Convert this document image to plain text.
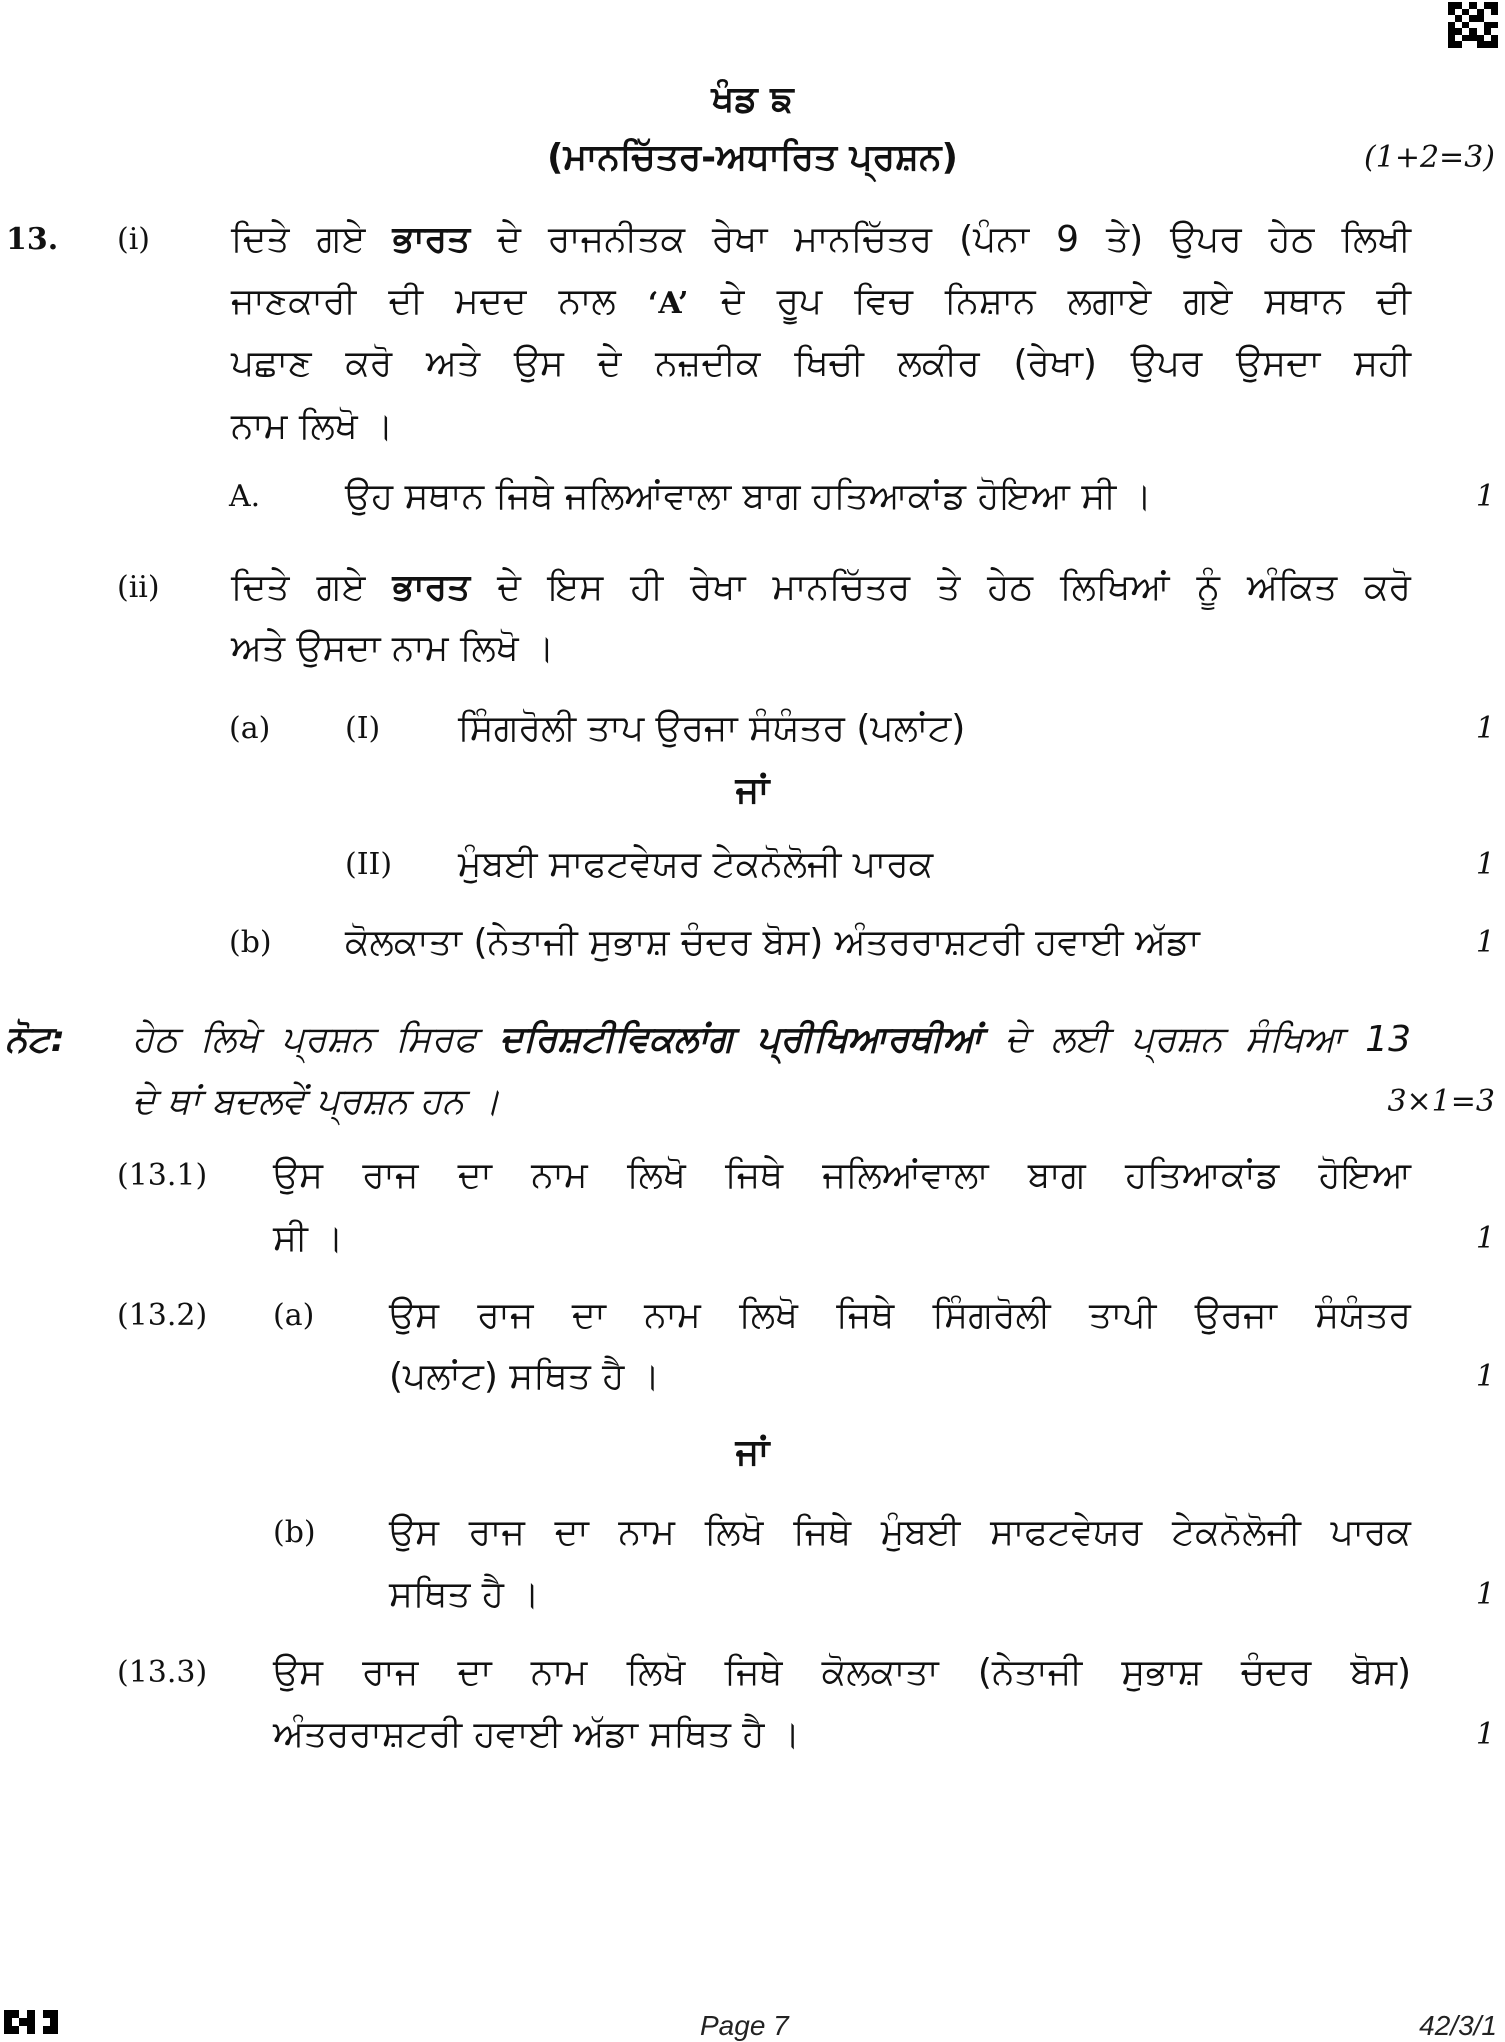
ਖੰਡ ਙ
(ਮਾਨਚਿੱਤਰ-ਅਧਾਰਿਤ ਪ੍ਰਸ਼ਨ)	(1+2=3)
13. (i) ਦਿਤੇ ਗਏ ਭਾਰਤ ਦੇ ਰਾਜਨੀਤਕ ਰੇਖਾ ਮਾਨਚਿੱਤਰ (ਪੰਨਾ 9 ਤੇ) ਉਪਰ ਹੇਠ ਲਿਖੀ
ਜਾਣਕਾਰੀ ਦੀ ਮਦਦ ਨਾਲ ‘A’ ਦੇ ਰੂਪ ਵਿਚ ਨਿਸ਼ਾਨ ਲਗਾਏ ਗਏ ਸਥਾਨ ਦੀ
ਪਛਾਣ ਕਰੋ ਅਤੇ ਉਸ ਦੇ ਨਜ਼ਦੀਕ ਖਿਚੀ ਲਕੀਰ (ਰੇਖਾ) ਉਪਰ ਉਸਦਾ ਸਹੀ
ਨਾਮ ਲਿਖੋ ।
A. ਉਹ ਸਥਾਨ ਜਿਥੇ ਜਲਿਆਂਵਾਲਾ ਬਾਗ ਹਤਿਆਕਾਂਡ ਹੋਇਆ ਸੀ ।	1
(ii) ਦਿਤੇ ਗਏ ਭਾਰਤ ਦੇ ਇਸ ਹੀ ਰੇਖਾ ਮਾਨਚਿੱਤਰ ਤੇ ਹੇਠ ਲਿਖਿਆਂ ਨੂੰ ਅੰਕਿਤ ਕਰੋ
ਅਤੇ ਉਸਦਾ ਨਾਮ ਲਿਖੋ ।
(a) (I) ਸਿੰਗਰੋਲੀ ਤਾਪ ਉਰਜਾ ਸੰਯੰਤਰ (ਪਲਾਂਟ)	1
ਜਾਂ
(II) ਮੁੰਬਈ ਸਾਫਟਵੇਯਰ ਟੇਕਨੋਲੋਜੀ ਪਾਰਕ	1
(b) ਕੋਲਕਾਤਾ (ਨੇਤਾਜੀ ਸੁਭਾਸ਼ ਚੰਦਰ ਬੋਸ) ਅੰਤਰਰਾਸ਼ਟਰੀ ਹਵਾਈ ਅੱਡਾ	1
ਨੋਟ: ਹੇਠ ਲਿਖੇ ਪ੍ਰਸ਼ਨ ਸਿਰਫ ਦਰਿਸ਼ਟੀਵਿਕਲਾਂਗ ਪ੍ਰੀਖਿਆਰਥੀਆਂ ਦੇ ਲਈ ਪ੍ਰਸ਼ਨ ਸੰਖਿਆ 13
ਦੇ ਥਾਂ ਬਦਲਵੇਂ ਪ੍ਰਸ਼ਨ ਹਨ ।	3×1=3
(13.1) ਉਸ ਰਾਜ ਦਾ ਨਾਮ ਲਿਖੋ ਜਿਥੇ ਜਲਿਆਂਵਾਲਾ ਬਾਗ ਹਤਿਆਕਾਂਡ ਹੋਇਆ
ਸੀ ।	1
(13.2) (a) ਉਸ ਰਾਜ ਦਾ ਨਾਮ ਲਿਖੋ ਜਿਥੇ ਸਿੰਗਰੋਲੀ ਤਾਪੀ ਉਰਜਾ ਸੰਯੰਤਰ
(ਪਲਾਂਟ) ਸਥਿਤ ਹੈ ।	1
ਜਾਂ
(b) ਉਸ ਰਾਜ ਦਾ ਨਾਮ ਲਿਖੋ ਜਿਥੇ ਮੁੰਬਈ ਸਾਫਟਵੇਯਰ ਟੇਕਨੋਲੋਜੀ ਪਾਰਕ
ਸਥਿਤ ਹੈ ।	1
(13.3) ਉਸ ਰਾਜ ਦਾ ਨਾਮ ਲਿਖੋ ਜਿਥੇ ਕੋਲਕਾਤਾ (ਨੇਤਾਜੀ ਸੁਭਾਸ਼ ਚੰਦਰ ਬੋਸ)
ਅੰਤਰਰਾਸ਼ਟਰੀ ਹਵਾਈ ਅੱਡਾ ਸਥਿਤ ਹੈ ।	1
Page 7	42/3/1
